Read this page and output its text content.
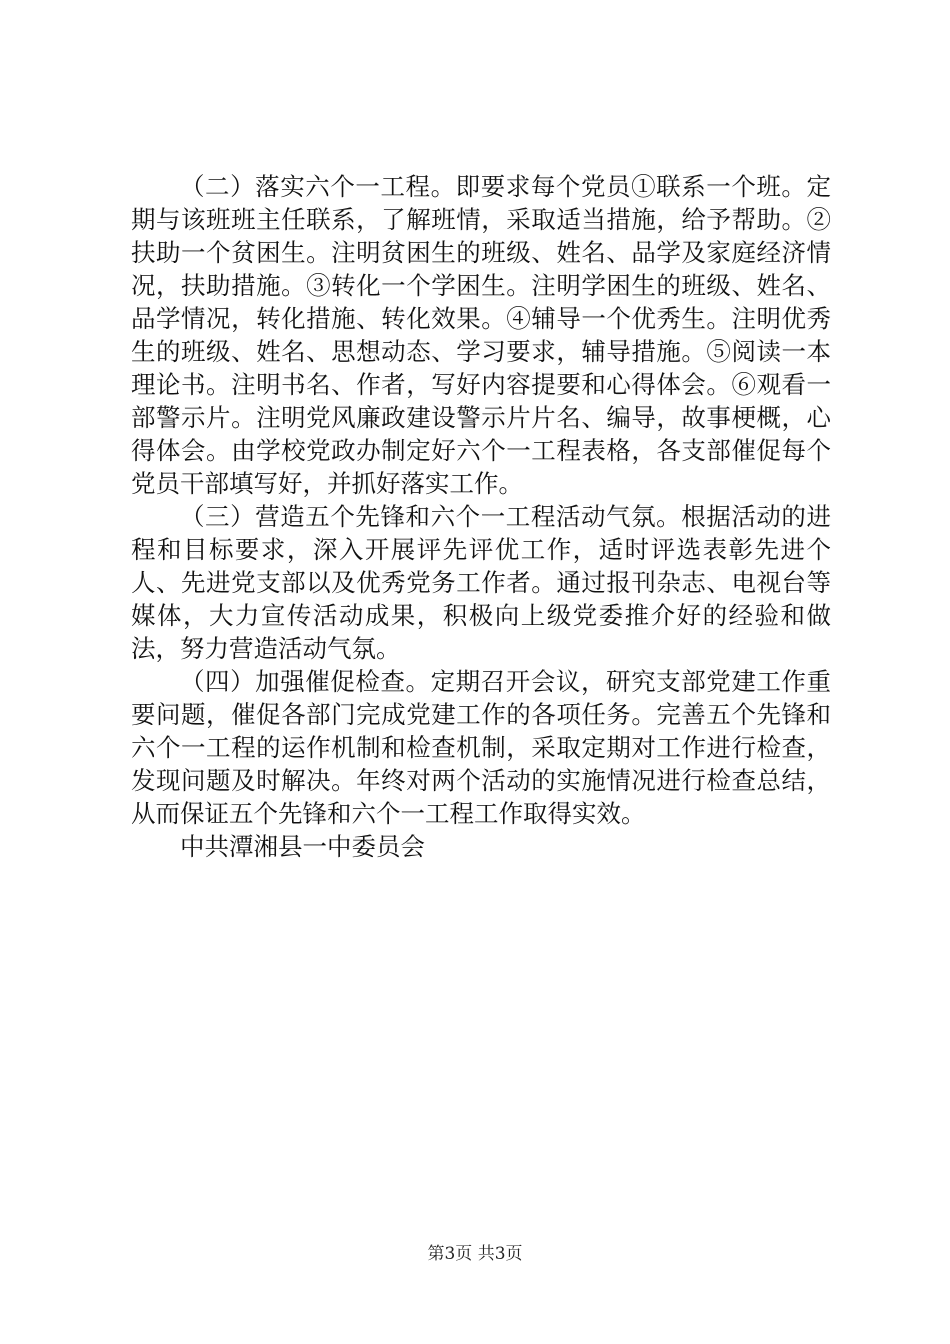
（二）落实六个一工程。即要求每个党员①联系一个班。定期与该班班主任联系，了解班情，采取适当措施，给予帮助。②扶助一个贫困生。注明贫困生的班级、姓名、品学及家庭经济情况，扶助措施。③转化一个学困生。注明学困生的班级、姓名、品学情况，转化措施、转化效果。④辅导一个优秀生。注明优秀生的班级、姓名、思想动态、学习要求，辅导措施。⑤阅读一本理论书。注明书名、作者，写好内容提要和心得体会。⑥观看一部警示片。注明党风廉政建设警示片片名、编导，故事梗概，心得体会。由学校党政办制定好六个一工程表格，各支部催促每个党员干部填写好，并抓好落实工作。

（三）营造五个先锋和六个一工程活动气氛。根据活动的进程和目标要求，深入开展评先评优工作，适时评选表彰先进个人、先进党支部以及优秀党务工作者。通过报刊杂志、电视台等媒体，大力宣传活动成果，积极向上级党委推介好的经验和做法，努力营造活动气氛。

（四）加强催促检查。定期召开会议，研究支部党建工作重要问题，催促各部门完成党建工作的各项任务。完善五个先锋和六个一工程的运作机制和检查机制，采取定期对工作进行检查，发现问题及时解决。年终对两个活动的实施情况进行检查总结，从而保证五个先锋和六个一工程工作取得实效。

中共潭湘县一中委员会

第3页 共3页
